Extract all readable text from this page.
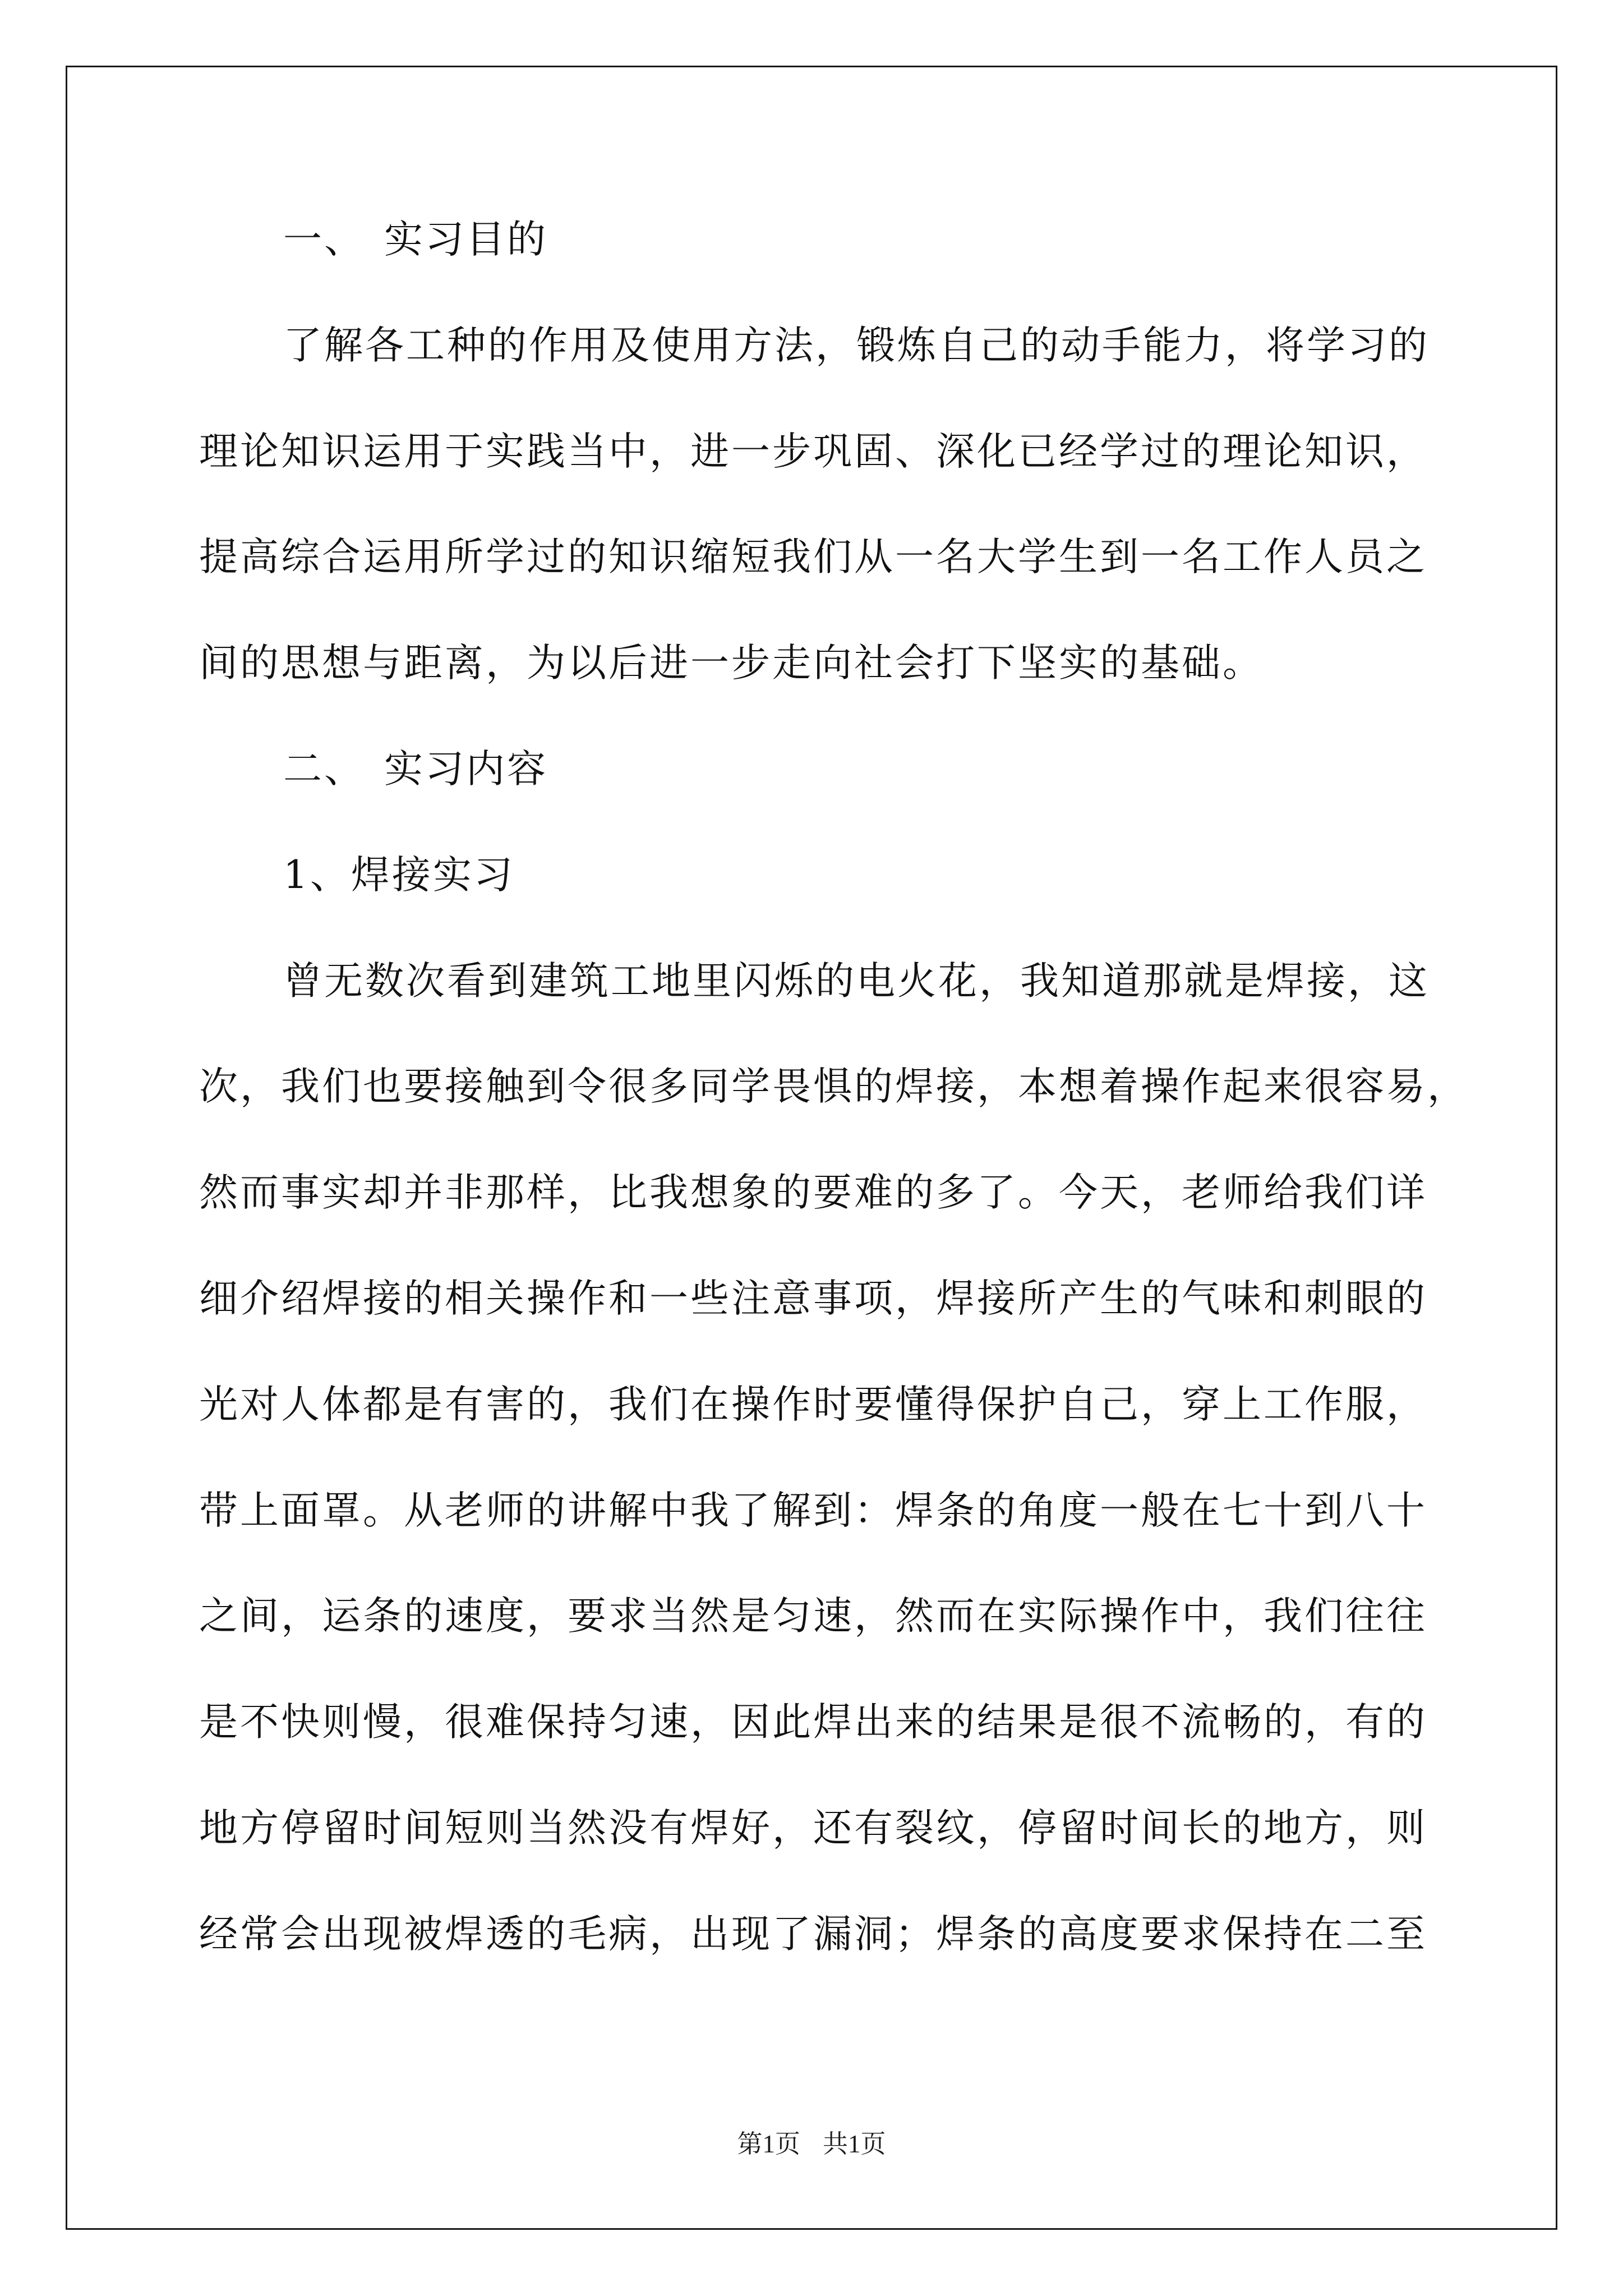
一、 实习目的
了解各工种的作用及使用方法，锻炼自己的动手能力，将学习的
理论知识运用于实践当中，进一步巩固、深化已经学过的理论知识，
提高综合运用所学过的知识缩短我们从一名大学生到一名工作人员之
间的思想与距离，为以后进一步走向社会打下坚实的基础。
二、 实习内容
1、焊接实习
曾无数次看到建筑工地里闪烁的电火花，我知道那就是焊接，这
次，我们也要接触到令很多同学畏惧的焊接，本想着操作起来很容易，
然而事实却并非那样，比我想象的要难的多了。今天，老师给我们详
细介绍焊接的相关操作和一些注意事项，焊接所产生的气味和刺眼的
光对人体都是有害的，我们在操作时要懂得保护自己，穿上工作服，
带上面罩。从老师的讲解中我了解到：焊条的角度一般在七十到八十
之间，运条的速度，要求当然是匀速，然而在实际操作中，我们往往
是不快则慢，很难保持匀速，因此焊出来的结果是很不流畅的，有的
地方停留时间短则当然没有焊好，还有裂纹，停留时间长的地方，则
经常会出现被焊透的毛病，出现了漏洞；焊条的高度要求保持在二至
第1页 共1页
